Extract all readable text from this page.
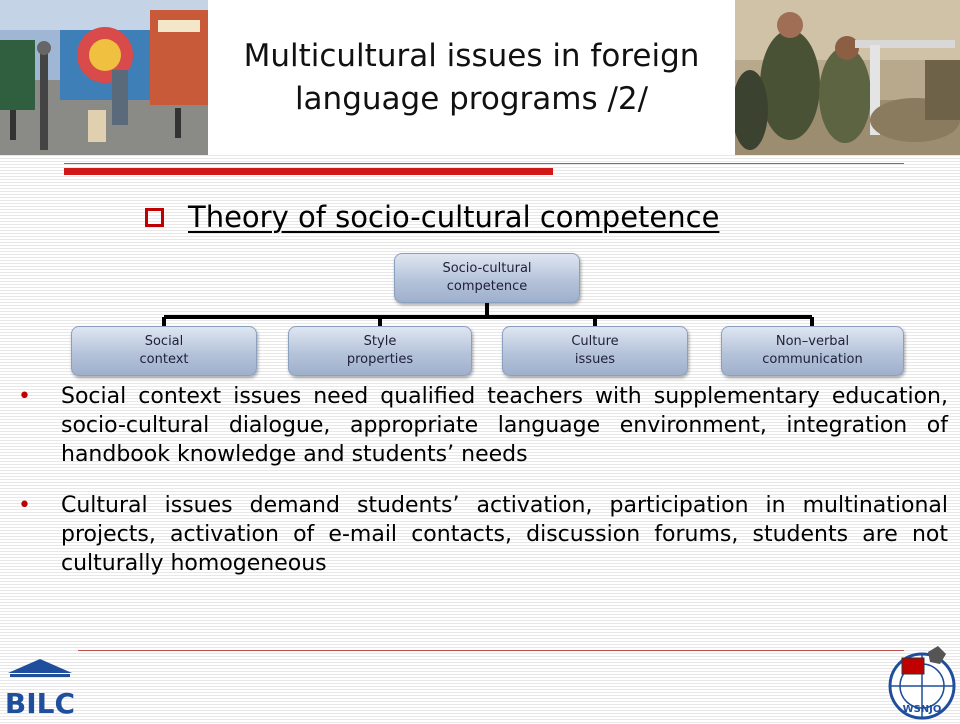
Multicultural issues in foreign language programs /2/
Theory of socio-cultural competence
Socio-cultural
competence
Social
context
Style
properties
Culture
issues
Non–verbal
communication
• Social context issues need qualified teachers with supplementary education, socio-cultural dialogue, appropriate language environment, integration of handbook knowledge and students’ needs
• Cultural issues demand students’ activation, participation in multinational projects, activation of e-mail contacts, discussion forums, students are not culturally homogeneous
BILC	WSNJO
